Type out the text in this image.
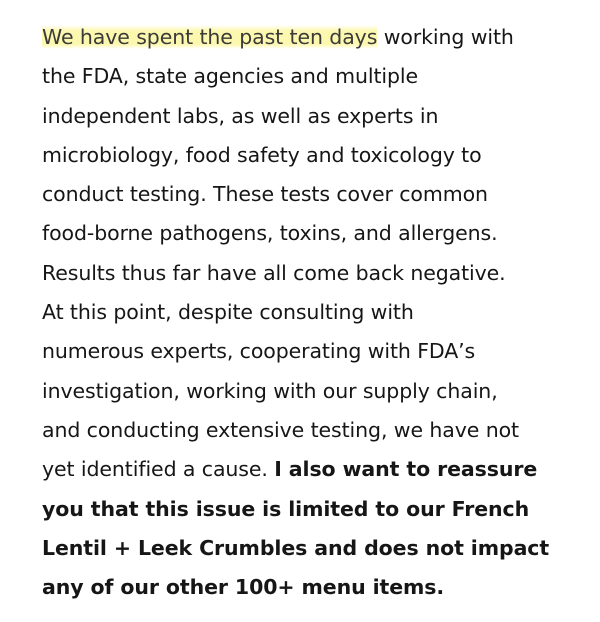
We have spent the past ten days working with
the FDA, state agencies and multiple
independent labs, as well as experts in
microbiology, food safety and toxicology to
conduct testing. These tests cover common
food-borne pathogens, toxins, and allergens.
Results thus far have all come back negative.
At this point, despite consulting with
numerous experts, cooperating with FDA’s
investigation, working with our supply chain,
and conducting extensive testing, we have not
yet identified a cause. I also want to reassure
you that this issue is limited to our French
Lentil + Leek Crumbles and does not impact
any of our other 100+ menu items.
